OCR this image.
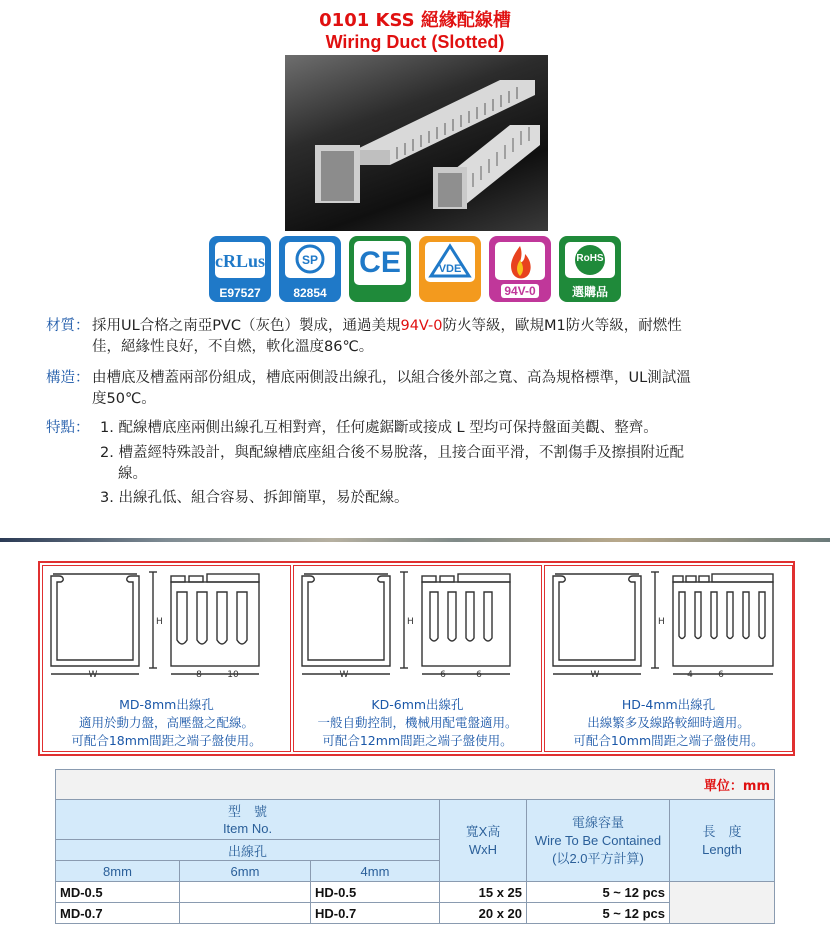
0101 KSS 絕緣配線槽
Wiring Duct (Slotted)
cRLus
E97527
SP
82854
CE	VDE
94V-0
RoHS
選購品
材質： 採用UL合格之南亞PVC（灰色）製成，通過美規94V-0防火等級，歐規M1防火等級，耐燃性
佳，絕緣性良好，不自燃，軟化溫度86℃。
構造： 由槽底及槽蓋兩部份組成，槽底兩側設出線孔，以組合後外部之寬、高為規格標準，UL測試溫
度50℃。
特點： 1. 配線槽底座兩側出線孔互相對齊，任何處鋸斷或接成 L 型均可保持盤面美觀、整齊。
2. 槽蓋經特殊設計，與配線槽底座組合後不易脫落，且接合面平滑，不割傷手及擦損附近配
線。
3. 出線孔低、組合容易、拆卸簡單，易於配線。
H
W	8	10
MD-8mm出線孔
適用於動力盤，高壓盤之配線。
可配合18mm間距之端子盤使用。
H
W	6	6
KD-6mm出線孔
一般自動控制，機械用配電盤適用。
可配合12mm間距之端子盤使用。
H
W	4	6
HD-4mm出線孔
出線繁多及線路較細時適用。
可配合10mm間距之端子盤使用。
單位：mm					
型　號
Item No.			寬X高
WxH	電線容量
Wire To Be Contained
(以2.0平方計算)	長　度
Length
出線孔					
8mm	6mm	4mm			
MD-0.5		HD-0.5	15 x 25	5 ~ 12 pcs	
MD-0.7		HD-0.7	20 x 20	5 ~ 12 pcs	
